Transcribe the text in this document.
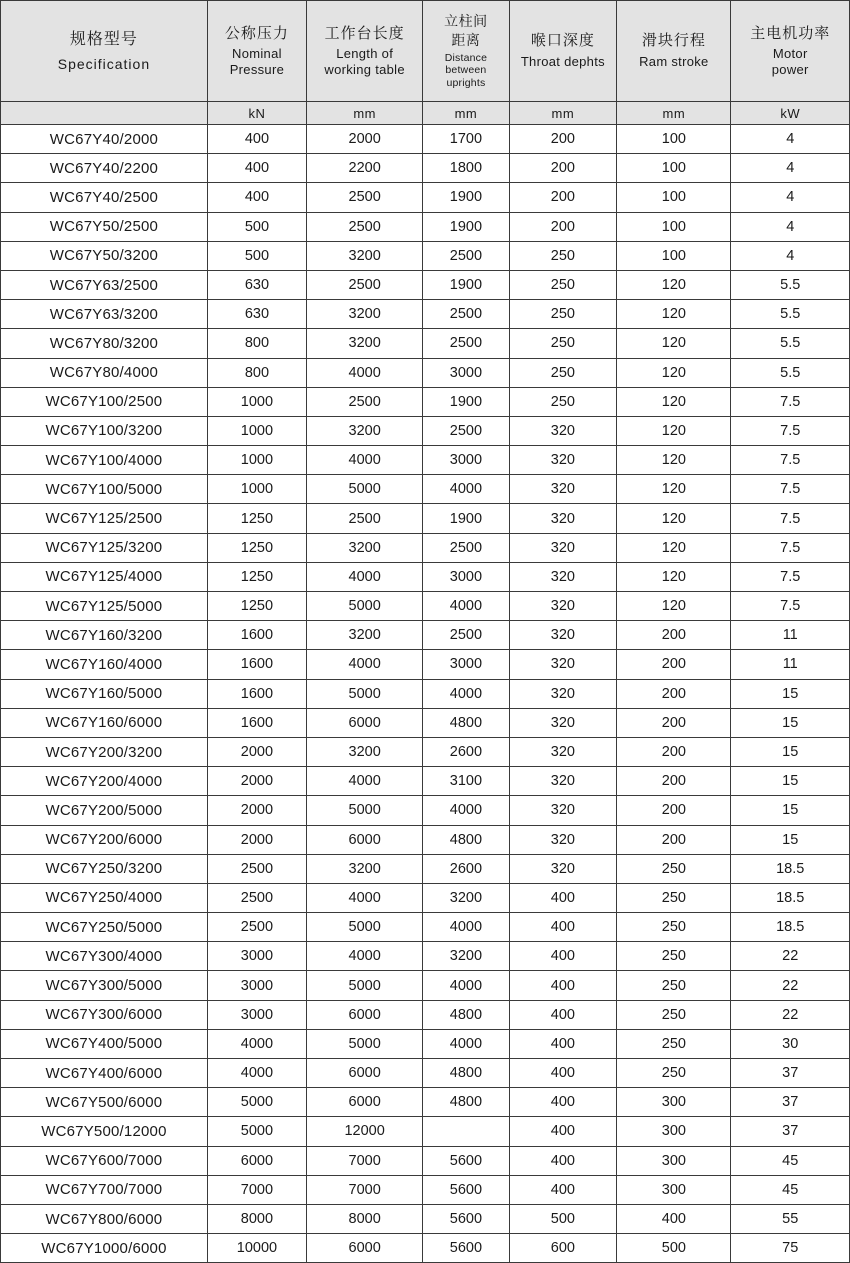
规格型号
Specification	公称压力
Nominal
Pressure	工作台长度
Length of
working table	立柱间
距离
Distance
between
uprights	喉口深度
Throat dephts	滑块行程
Ram stroke	主电机功率
Motor
power

	kN	mm	mm	mm	mm	kW
WC67Y40/2000	400	2000	1700	200	100	4
WC67Y40/2200	400	2200	1800	200	100	4
WC67Y40/2500	400	2500	1900	200	100	4
WC67Y50/2500	500	2500	1900	200	100	4
WC67Y50/3200	500	3200	2500	250	100	4
WC67Y63/2500	630	2500	1900	250	120	5.5
WC67Y63/3200	630	3200	2500	250	120	5.5
WC67Y80/3200	800	3200	2500	250	120	5.5
WC67Y80/4000	800	4000	3000	250	120	5.5
WC67Y100/2500	1000	2500	1900	250	120	7.5
WC67Y100/3200	1000	3200	2500	320	120	7.5
WC67Y100/4000	1000	4000	3000	320	120	7.5
WC67Y100/5000	1000	5000	4000	320	120	7.5
WC67Y125/2500	1250	2500	1900	320	120	7.5
WC67Y125/3200	1250	3200	2500	320	120	7.5
WC67Y125/4000	1250	4000	3000	320	120	7.5
WC67Y125/5000	1250	5000	4000	320	120	7.5
WC67Y160/3200	1600	3200	2500	320	200	11
WC67Y160/4000	1600	4000	3000	320	200	11
WC67Y160/5000	1600	5000	4000	320	200	15
WC67Y160/6000	1600	6000	4800	320	200	15
WC67Y200/3200	2000	3200	2600	320	200	15
WC67Y200/4000	2000	4000	3100	320	200	15
WC67Y200/5000	2000	5000	4000	320	200	15
WC67Y200/6000	2000	6000	4800	320	200	15
WC67Y250/3200	2500	3200	2600	320	250	18.5
WC67Y250/4000	2500	4000	3200	400	250	18.5
WC67Y250/5000	2500	5000	4000	400	250	18.5
WC67Y300/4000	3000	4000	3200	400	250	22
WC67Y300/5000	3000	5000	4000	400	250	22
WC67Y300/6000	3000	6000	4800	400	250	22
WC67Y400/5000	4000	5000	4000	400	250	30
WC67Y400/6000	4000	6000	4800	400	250	37
WC67Y500/6000	5000	6000	4800	400	300	37
WC67Y500/12000	5000	12000		400	300	37
WC67Y600/7000	6000	7000	5600	400	300	45
WC67Y700/7000	7000	7000	5600	400	300	45
WC67Y800/6000	8000	8000	5600	500	400	55
WC67Y1000/6000	10000	6000	5600	600	500	75
